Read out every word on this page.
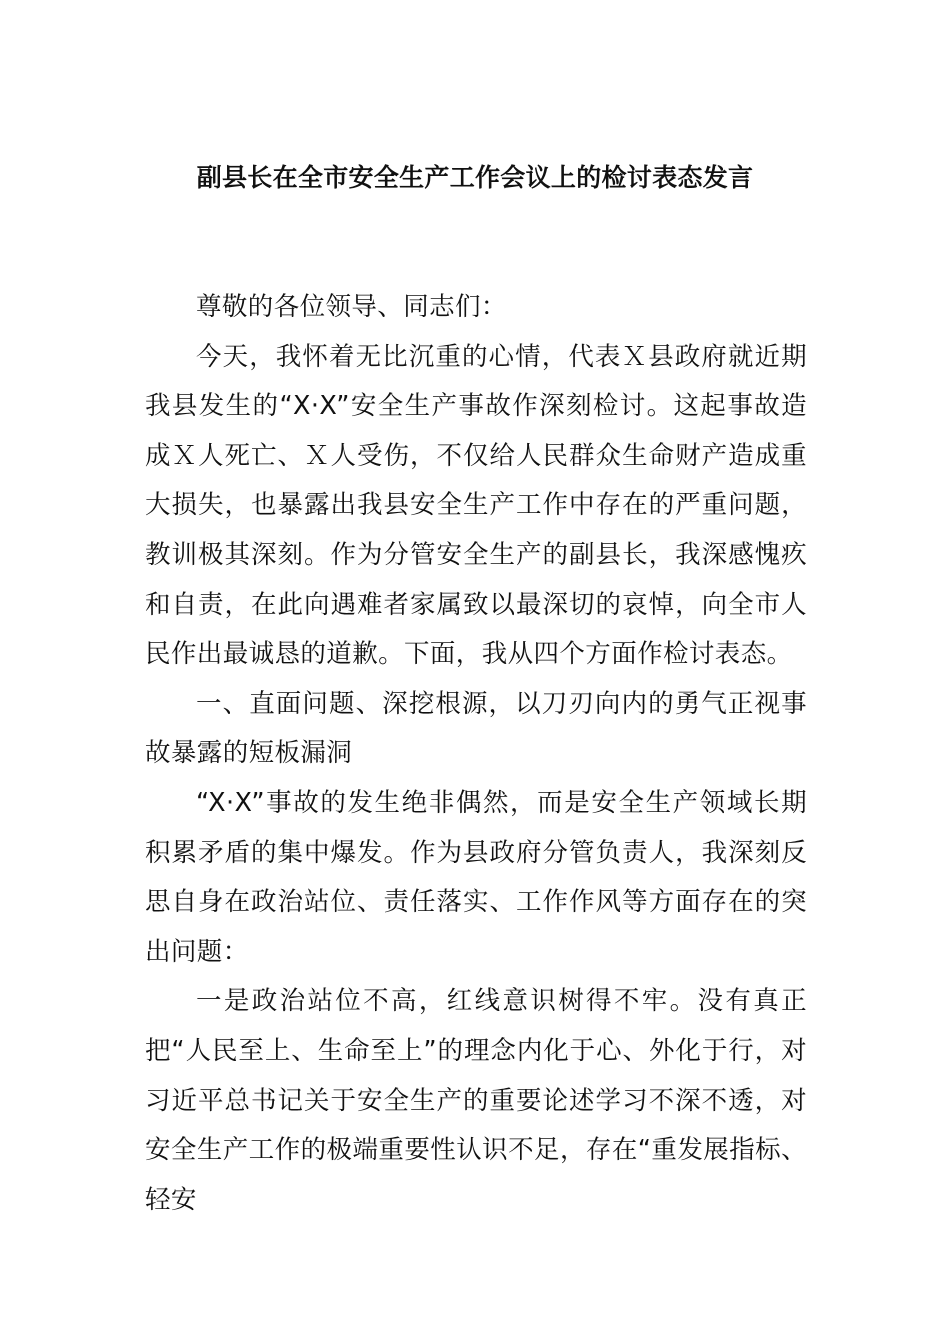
副县长在全市安全生产工作会议上的检讨表态发言

尊敬的各位领导、同志们：

今天，我怀着无比沉重的心情，代表Ｘ县政府就近期我县发生的“X·X”安全生产事故作深刻检讨。这起事故造成Ｘ人死亡、Ｘ人受伤，不仅给人民群众生命财产造成重大损失，也暴露出我县安全生产工作中存在的严重问题，教训极其深刻。作为分管安全生产的副县长，我深感愧疚和自责，在此向遇难者家属致以最深切的哀悼，向全市人民作出最诚恳的道歉。下面，我从四个方面作检讨表态。

一、直面问题、深挖根源，以刀刃向内的勇气正视事故暴露的短板漏洞

“X·X”事故的发生绝非偶然，而是安全生产领域长期积累矛盾的集中爆发。作为县政府分管负责人，我深刻反思自身在政治站位、责任落实、工作作风等方面存在的突出问题：

一是政治站位不高，红线意识树得不牢。没有真正把“人民至上、生命至上”的理念内化于心、外化于行，对习近平总书记关于安全生产的重要论述学习不深不透，对安全生产工作的极端重要性认识不足，存在“重发展指标、轻安
